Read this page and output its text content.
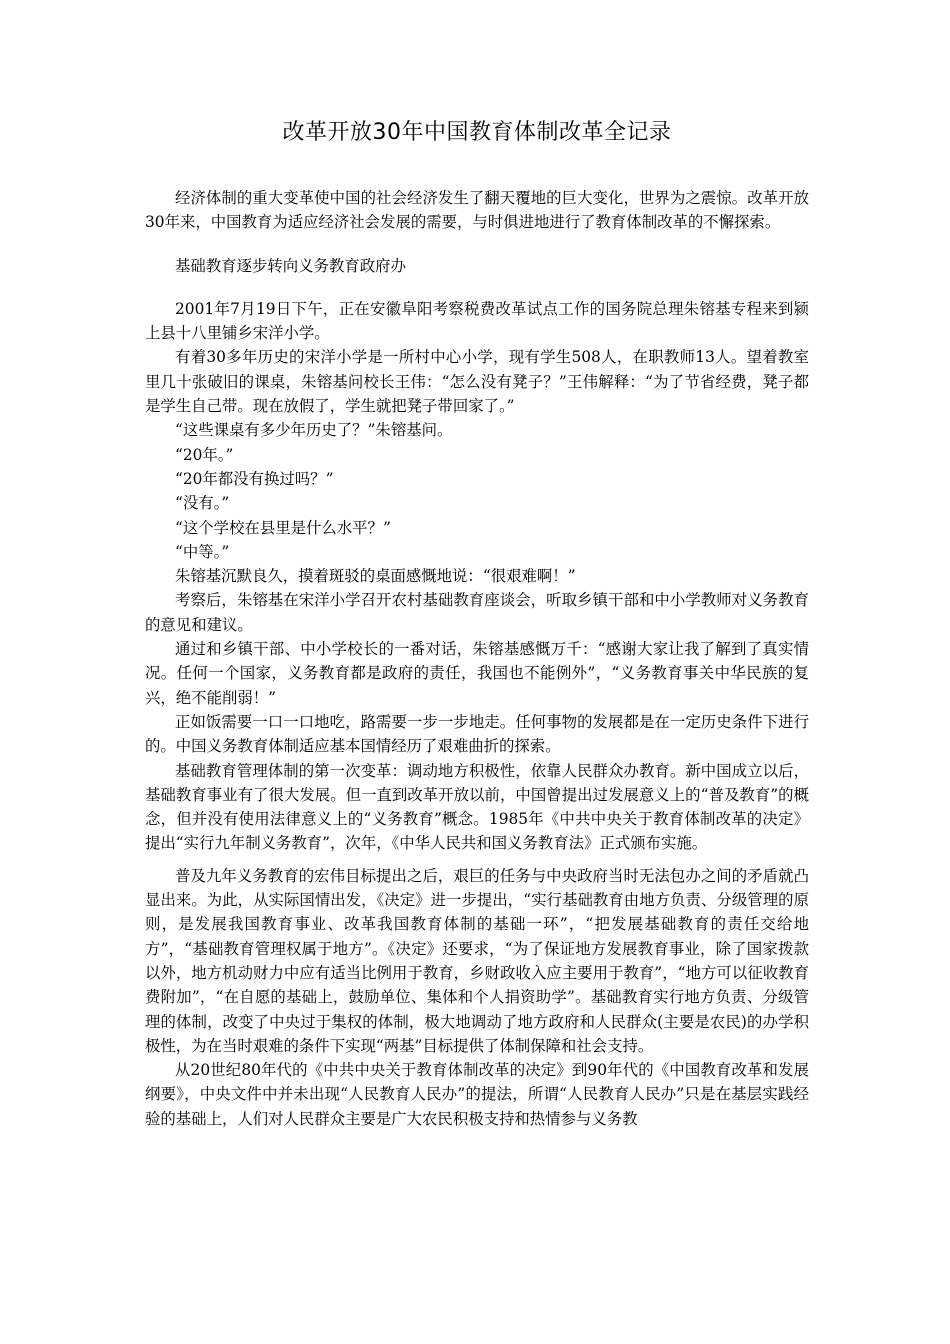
改革开放30年中国教育体制改革全记录

经济体制的重大变革使中国的社会经济发生了翻天覆地的巨大变化，世界为之震惊。改革开放30年来，中国教育为适应经济社会发展的需要，与时俱进地进行了教育体制改革的不懈探索。

基础教育逐步转向义务教育政府办

2001年7月19日下午，正在安徽阜阳考察税费改革试点工作的国务院总理朱镕基专程来到颍上县十八里铺乡宋洋小学。

有着30多年历史的宋洋小学是一所村中心小学，现有学生508人，在职教师13人。望着教室里几十张破旧的课桌，朱镕基问校长王伟：“怎么没有凳子？”王伟解释：“为了节省经费，凳子都是学生自己带。现在放假了，学生就把凳子带回家了。”

“这些课桌有多少年历史了？”朱镕基问。

“20年。”

“20年都没有换过吗？”

“没有。”

“这个学校在县里是什么水平？”

“中等。”

朱镕基沉默良久，摸着斑驳的桌面感慨地说：“很艰难啊！”

考察后，朱镕基在宋洋小学召开农村基础教育座谈会，听取乡镇干部和中小学教师对义务教育的意见和建议。

通过和乡镇干部、中小学校长的一番对话，朱镕基感慨万千：“感谢大家让我了解到了真实情况。任何一个国家，义务教育都是政府的责任，我国也不能例外”，“义务教育事关中华民族的复兴，绝不能削弱！”

正如饭需要一口一口地吃，路需要一步一步地走。任何事物的发展都是在一定历史条件下进行的。中国义务教育体制适应基本国情经历了艰难曲折的探索。

基础教育管理体制的第一次变革：调动地方积极性，依靠人民群众办教育。新中国成立以后，基础教育事业有了很大发展。但一直到改革开放以前，中国曾提出过发展意义上的“普及教育”的概念，但并没有使用法律意义上的“义务教育”概念。1985年《中共中央关于教育体制改革的决定》提出“实行九年制义务教育”，次年，《中华人民共和国义务教育法》正式颁布实施。

普及九年义务教育的宏伟目标提出之后，艰巨的任务与中央政府当时无法包办之间的矛盾就凸显出来。为此，从实际国情出发，《决定》进一步提出，“实行基础教育由地方负责、分级管理的原则，是发展我国教育事业、改革我国教育体制的基础一环”，“把发展基础教育的责任交给地方”，“基础教育管理权属于地方”。《决定》还要求，“为了保证地方发展教育事业，除了国家拨款以外，地方机动财力中应有适当比例用于教育，乡财政收入应主要用于教育”，“地方可以征收教育费附加”，“在自愿的基础上，鼓励单位、集体和个人捐资助学”。基础教育实行地方负责、分级管理的体制，改变了中央过于集权的体制，极大地调动了地方政府和人民群众(主要是农民)的办学积极性，为在当时艰难的条件下实现“两基”目标提供了体制保障和社会支持。

从20世纪80年代的《中共中央关于教育体制改革的决定》到90年代的《中国教育改革和发展纲要》，中央文件中并未出现“人民教育人民办”的提法，所谓“人民教育人民办”只是在基层实践经验的基础上，人们对人民群众主要是广大农民积极支持和热情参与义务教
